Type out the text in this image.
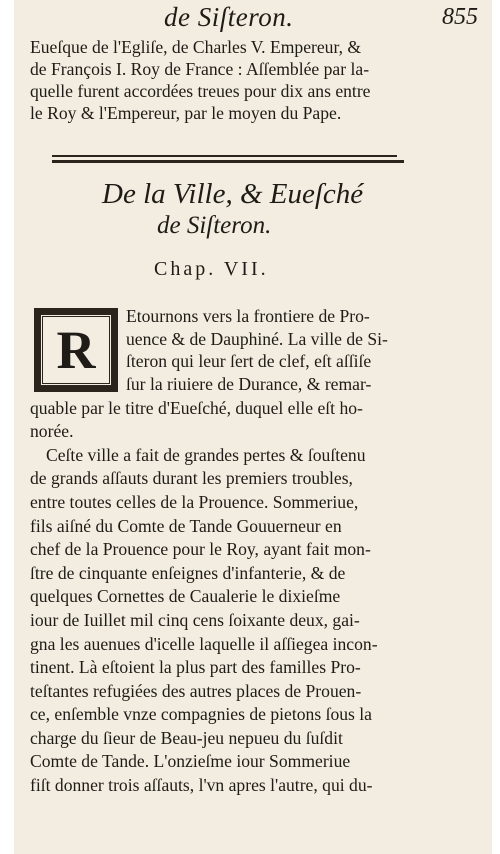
de Siſteron.	855
Eueſque de l'Egliſe, de Charles V. Empereur, &
de François I. Roy de France : Aſſemblée par la-
quelle furent accordées treues pour dix ans entre
le Roy & l'Empereur, par le moyen du Pape.
De la Ville, & Eueſché
de Siſteron.
Chap. VII.
R
Etournons vers la frontiere de Pro-
uence & de Dauphiné. La ville de Si-
ſteron qui leur ſert de clef, eſt aſſiſe
ſur la riuiere de Durance, & remar-
quable par le titre d'Eueſché, duquel elle eſt ho-
norée.
Ceſte ville a fait de grandes pertes & ſouſtenu
de grands aſſauts durant les premiers troubles,
entre toutes celles de la Prouence. Sommeriue,
fils aiſné du Comte de Tande Gouuerneur en
chef de la Prouence pour le Roy, ayant fait mon-
ſtre de cinquante enſeignes d'infanterie, & de
quelques Cornettes de Caualerie le dixieſme
iour de Iuillet mil cinq cens ſoixante deux, gai-
gna les auenues d'icelle laquelle il aſſiegea incon-
tinent. Là eſtoient la plus part des familles Pro-
teſtantes refugiées des autres places de Prouen-
ce, enſemble vnze compagnies de pietons ſous la
charge du ſieur de Beau-jeu nepueu du ſuſdit
Comte de Tande. L'onzieſme iour Sommeriue
fiſt donner trois aſſauts, l'vn apres l'autre, qui du-
